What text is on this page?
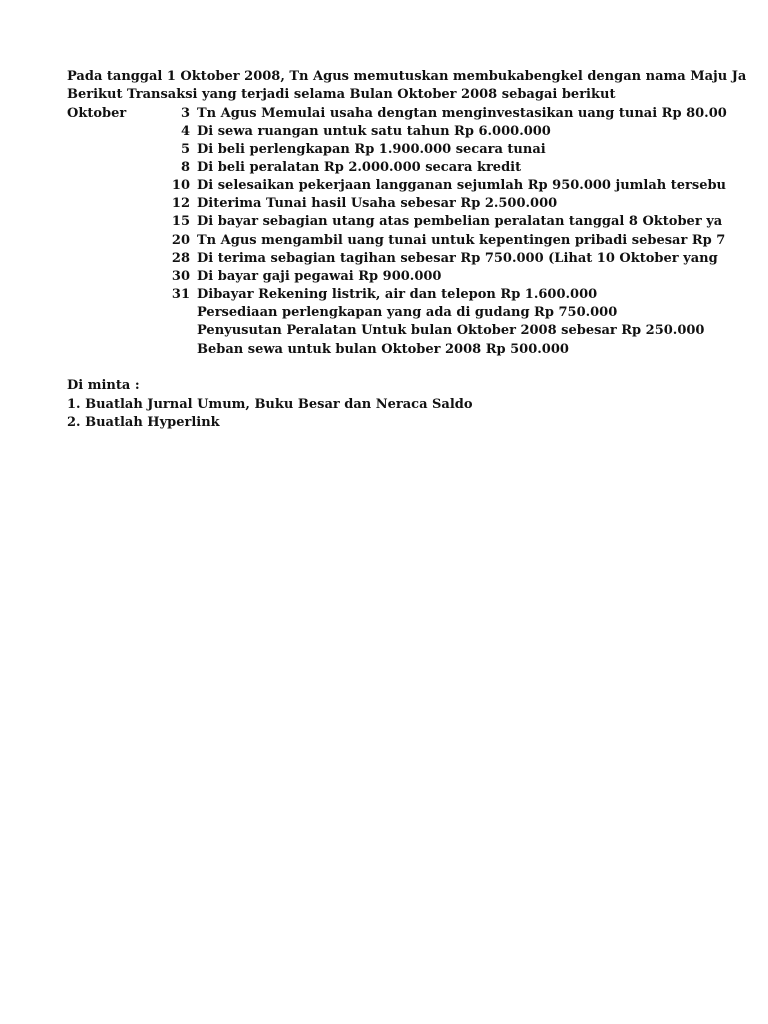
Pada tanggal 1 Oktober 2008, Tn Agus memutuskan membukabengkel dengan nama Maju Ja
Berikut Transaksi yang terjadi selama Bulan Oktober 2008 sebagai berikut
Oktober	3 Tn Agus Memulai usaha dengtan menginvestasikan uang tunai Rp 80.00
4 Di sewa ruangan untuk satu tahun Rp 6.000.000
5 Di beli perlengkapan Rp 1.900.000 secara tunai
8 Di beli peralatan Rp 2.000.000 secara kredit
10 Di selesaikan pekerjaan langganan sejumlah Rp 950.000 jumlah tersebu
12 Diterima Tunai hasil Usaha sebesar Rp 2.500.000
15 Di bayar sebagian utang atas pembelian peralatan tanggal 8 Oktober ya
20 Tn Agus mengambil uang tunai untuk kepentingen pribadi sebesar Rp 7
28 Di terima sebagian tagihan sebesar Rp 750.000 (Lihat 10 Oktober yang
30 Di bayar gaji pegawai Rp 900.000
31 Dibayar Rekening listrik, air dan telepon Rp 1.600.000
Persediaan perlengkapan yang ada di gudang Rp 750.000
Penyusutan Peralatan Untuk bulan Oktober 2008 sebesar Rp 250.000
Beban sewa untuk bulan Oktober 2008 Rp 500.000
Di minta :
1. Buatlah Jurnal Umum, Buku Besar dan Neraca Saldo
2. Buatlah Hyperlink
